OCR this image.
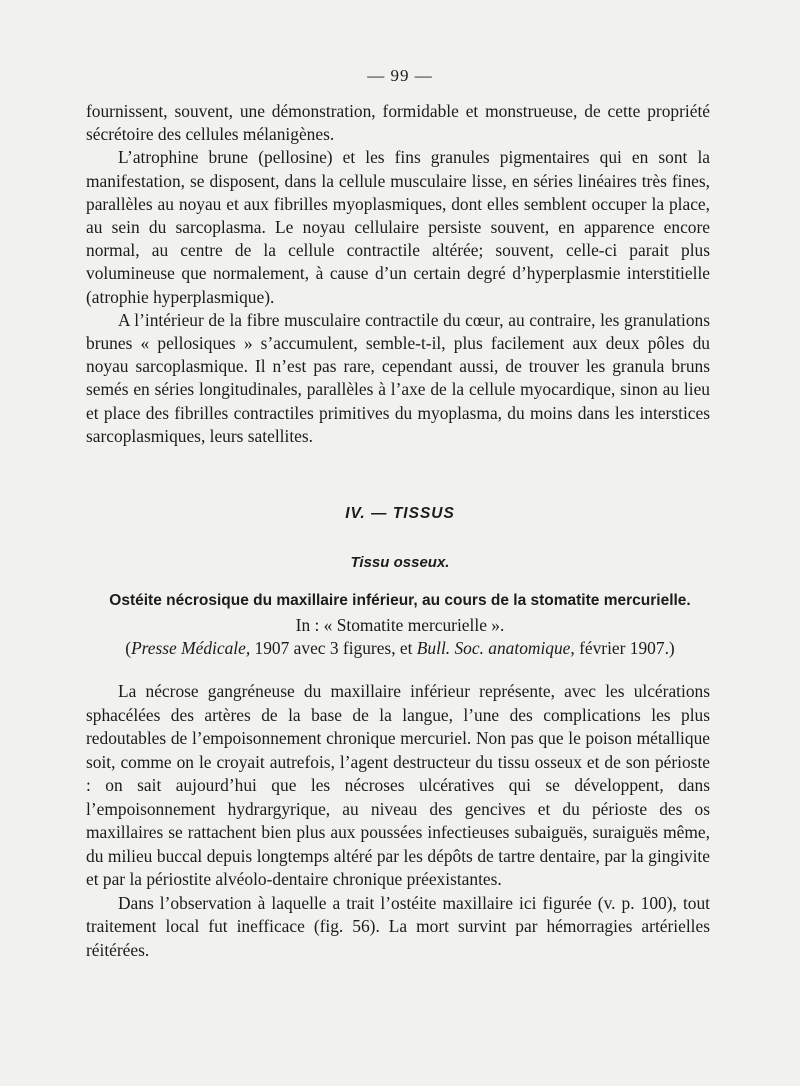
— 99 —

fournissent, souvent, une démonstration, formidable et monstrueuse, de cette propriété sécrétoire des cellules mélanigènes.

L’atrophine brune (pellosine) et les fins granules pigmentaires qui en sont la manifestation, se disposent, dans la cellule musculaire lisse, en séries linéaires très fines, parallèles au noyau et aux fibrilles myoplasmiques, dont elles semblent occuper la place, au sein du sarcoplasma. Le noyau cellulaire persiste souvent, en apparence encore normal, au centre de la cellule contractile altérée; souvent, celle-ci parait plus volumineuse que normalement, à cause d’un certain degré d’hyperplasmie interstitielle (atrophie hyperplasmique).

A l’intérieur de la fibre musculaire contractile du cœur, au contraire, les granulations brunes « pellosiques » s’accumulent, semble-t-il, plus facilement aux deux pôles du noyau sarcoplasmique. Il n’est pas rare, cependant aussi, de trouver les granula bruns semés en séries longitudinales, parallèles à l’axe de la cellule myocardique, sinon au lieu et place des fibrilles contractiles primitives du myoplasma, du moins dans les interstices sarcoplasmiques, leurs satellites.

IV. — TISSUS
Tissu osseux.
Ostéite nécrosique du maxillaire inférieur, au cours de la stomatite mercurielle.
In : « Stomatite mercurielle ».
(Presse Médicale, 1907 avec 3 figures, et Bull. Soc. anatomique, février 1907.)

La nécrose gangréneuse du maxillaire inférieur représente, avec les ulcérations sphacélées des artères de la base de la langue, l’une des complications les plus redoutables de l’empoisonnement chronique mercuriel. Non pas que le poison métallique soit, comme on le croyait autrefois, l’agent destructeur du tissu osseux et de son périoste : on sait aujourd’hui que les nécroses ulcératives qui se développent, dans l’empoisonnement hydrargyrique, au niveau des gencives et du périoste des os maxillaires se rattachent bien plus aux poussées infectieuses subaiguës, suraiguës même, du milieu buccal depuis longtemps altéré par les dépôts de tartre dentaire, par la gingivite et par la périostite alvéolo-dentaire chronique préexistantes.

Dans l’observation à laquelle a trait l’ostéite maxillaire ici figurée (v. p. 100), tout traitement local fut inefficace (fig. 56). La mort survint par hémorragies artérielles réitérées.
